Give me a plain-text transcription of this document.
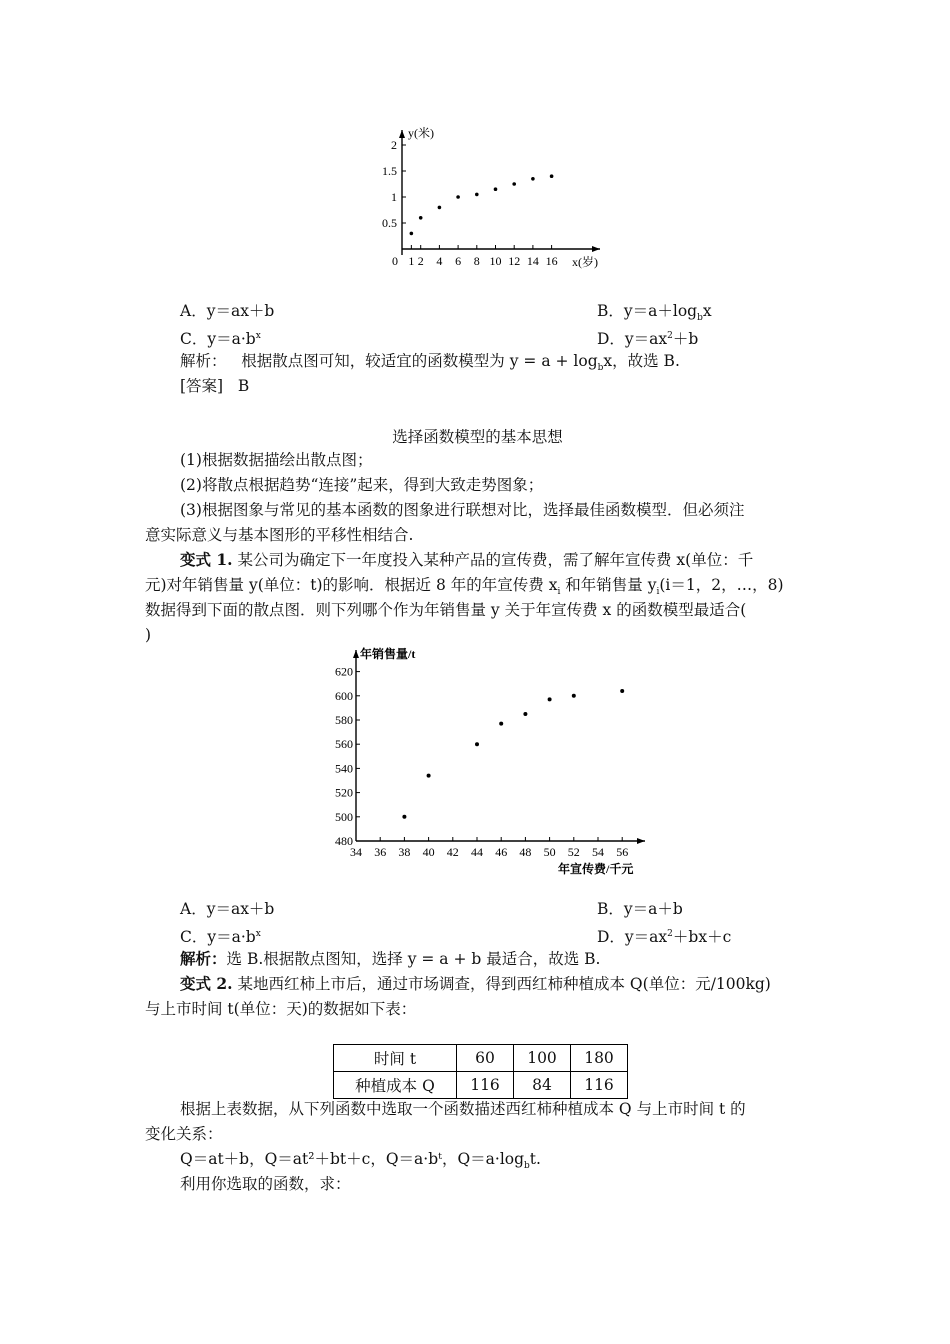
0.5
1
1.5
2
0 1 2 4 6 8 10 12 14 16
y(米)
x(岁)
A．y＝ax＋b	B．$y=a+\log_bx$
C．$y=a\cdot b^x$	D．$y=ax^2+b$
解析： 根据散点图可知，较适宜的函数模型为 $y = a + \log_bx$，故选 B.
[答案] B
选择函数模型的基本思想
(1)根据数据描绘出散点图；
(2)将散点根据趋势“连接”起来，得到大致走势图象；
(3)根据图象与常见的基本函数的图象进行联想对比，选择最佳函数模型．但必须注
意实际意义与基本图形的平移性相结合.
变式 1. 某公司为确定下一年度投入某种产品的宣传费，需了解年宣传费 x(单位：千
元)对年销售量 y(单位：t)的影响．根据近 8 年的年宣传费 $x_i$ 和年销售量 $y_i(i=1$，2，…，8)
数据得到下面的散点图．则下列哪个作为年销售量 y 关于年宣传费 x 的函数模型最适合(
)
480
500
520
540
560
580
600
620
34 36 38 40 42 44 46 48 50 52 54 56
年销售量/t
年宣传费/千元
A．y＝ax＋b	B．y＝a＋b
C．$y=a\cdot b^x$	D．$y=ax^2+bx+c$
解析：选 B.根据散点图知，选择 y = a + b 最适合，故选 B.
变式 2. 某地西红柿上市后，通过市场调查，得到西红柿种植成本 Q(单位：元/100kg)
与上市时间 t(单位：天)的数据如下表：
时间 t	60	100	180
种植成本 Q	116	84	116
根据上表数据，从下列函数中选取一个函数描述西红柿种植成本 Q 与上市时间 t 的
变化关系：
Q＝at＋b，Q＝at²＋bt＋c，Q＝a·bᵗ，$Q=a\cdot\log_bt$.
利用你选取的函数，求：
